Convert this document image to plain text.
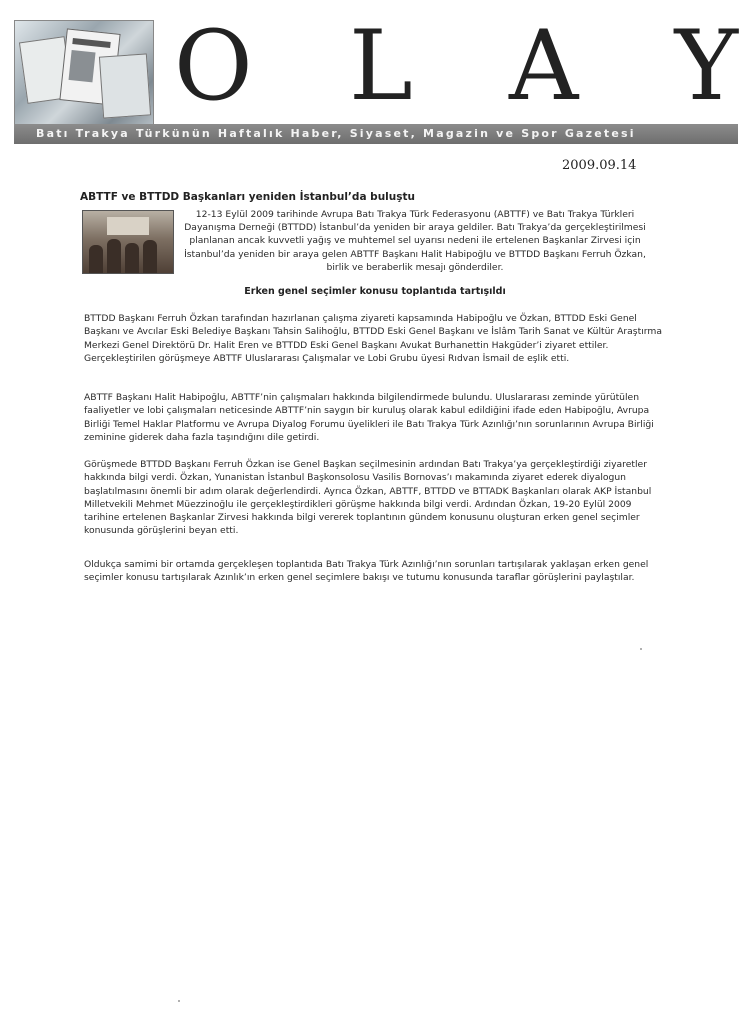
O L A Y
Batı Trakya Türkünün Haftalık Haber, Siyaset, Magazin ve Spor Gazetesi
2009.09.14
ABTTF ve BTTDD Başkanları yeniden İstanbul’da buluştu
12-13 Eylül 2009 tarihinde Avrupa Batı Trakya Türk Federasyonu (ABTTF) ve Batı Trakya Türkleri Dayanışma Derneği (BTTDD) İstanbul’da yeniden bir araya geldiler. Batı Trakya’da gerçekleştirilmesi planlanan ancak kuvvetli yağış ve muhtemel sel uyarısı nedeni ile ertelenen Başkanlar Zirvesi için İstanbul’da yeniden bir araya gelen ABTTF Başkanı Halit Habipoğlu ve BTTDD Başkanı Ferruh Özkan, birlik ve beraberlik mesajı gönderdiler.
Erken genel seçimler konusu toplantıda tartışıldı
BTTDD Başkanı Ferruh Özkan tarafından hazırlanan çalışma ziyareti kapsamında Habipoğlu ve Özkan, BTTDD Eski Genel Başkanı ve Avcılar Eski Belediye Başkanı Tahsin Salihoğlu, BTTDD Eski Genel Başkanı ve İslâm Tarih Sanat ve Kültür Araştırma Merkezi Genel Direktörü Dr. Halit Eren ve BTTDD Eski Genel Başkanı Avukat Burhanettin Hakgüder’i ziyaret ettiler. Gerçekleştirilen görüşmeye ABTTF Uluslararası Çalışmalar ve Lobi Grubu üyesi Rıdvan İsmail de eşlik etti.
ABTTF Başkanı Halit Habipoğlu, ABTTF’nin çalışmaları hakkında bilgilendirmede bulundu. Uluslararası zeminde yürütülen faaliyetler ve lobi çalışmaları neticesinde ABTTF’nin saygın bir kuruluş olarak kabul edildiğini ifade eden Habipoğlu, Avrupa Birliği Temel Haklar Platformu ve Avrupa Diyalog Forumu üyelikleri ile Batı Trakya Türk Azınlığı’nın sorunlarının Avrupa Birliği zeminine giderek daha fazla taşındığını dile getirdi.
Görüşmede BTTDD Başkanı Ferruh Özkan ise Genel Başkan seçilmesinin ardından Batı Trakya’ya gerçekleştirdiği ziyaretler hakkında bilgi verdi. Özkan, Yunanistan İstanbul Başkonsolosu Vasilis Bornovas’ı makamında ziyaret ederek diyalogun başlatılmasını önemli bir adım olarak değerlendirdi. Ayrıca Özkan, ABTTF, BTTDD ve BTTADK Başkanları olarak AKP İstanbul Milletvekili Mehmet Müezzinoğlu ile gerçekleştirdikleri görüşme hakkında bilgi verdi. Ardından Özkan, 19-20 Eylül 2009 tarihine ertelenen Başkanlar Zirvesi hakkında bilgi vererek toplantının gündem konusunu oluşturan erken genel seçimler konusunda görüşlerini beyan etti.
Oldukça samimi bir ortamda gerçekleşen toplantıda Batı Trakya Türk Azınlığı’nın sorunları tartışılarak yaklaşan erken genel seçimler konusu tartışılarak Azınlık’ın erken genel seçimlere bakışı ve tutumu konusunda taraflar görüşlerini paylaştılar.
